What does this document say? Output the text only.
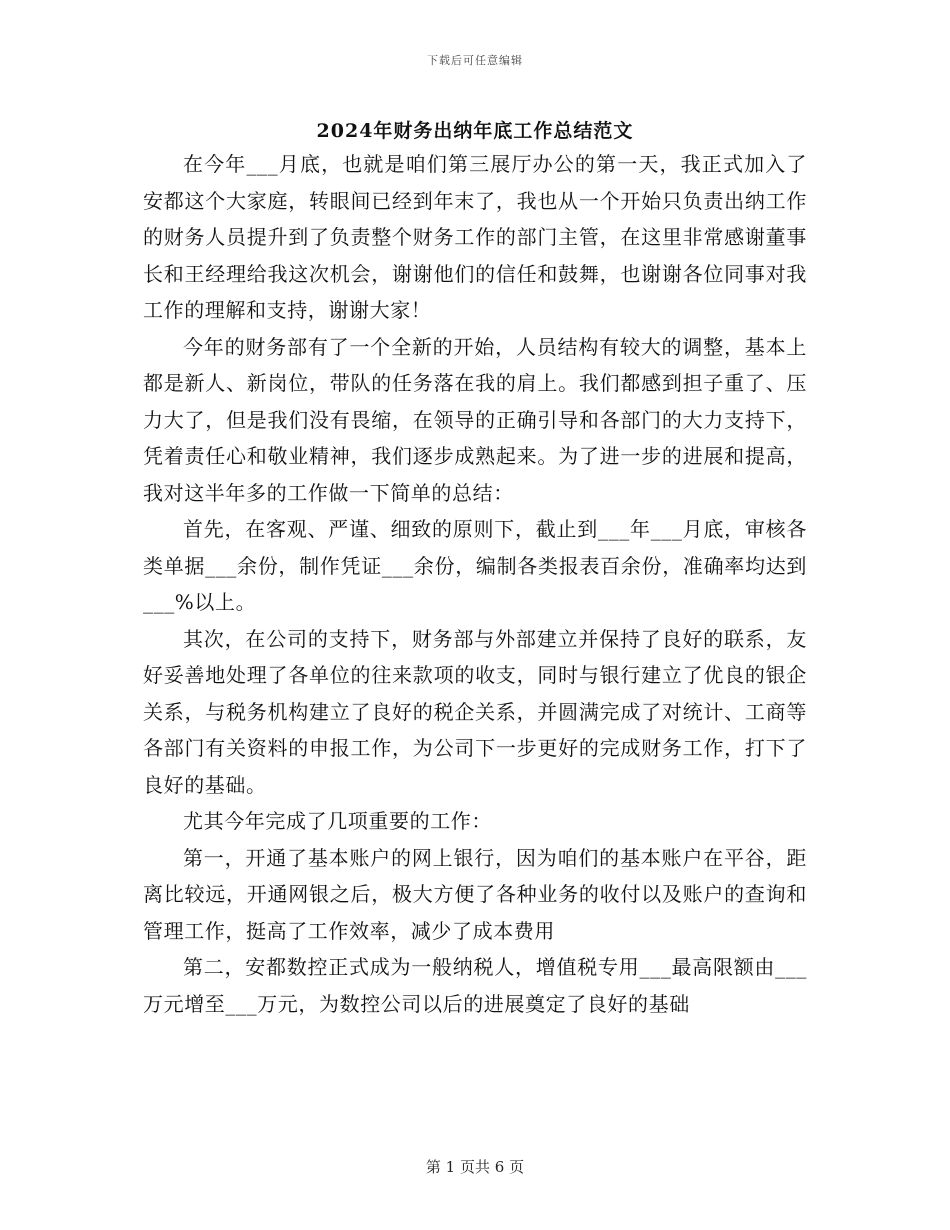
下载后可任意编辑
2024年财务出纳年底工作总结范文

在今年___月底，也就是咱们第三展厅办公的第一天，我正式加入了安都这个大家庭，转眼间已经到年末了，我也从一个开始只负责出纳工作的财务人员提升到了负责整个财务工作的部门主管，在这里非常感谢董事长和王经理给我这次机会，谢谢他们的信任和鼓舞，也谢谢各位同事对我工作的理解和支持，谢谢大家！

今年的财务部有了一个全新的开始，人员结构有较大的调整，基本上都是新人、新岗位，带队的任务落在我的肩上。我们都感到担子重了、压力大了，但是我们没有畏缩，在领导的正确引导和各部门的大力支持下，凭着责任心和敬业精神，我们逐步成熟起来。为了进一步的进展和提高，我对这半年多的工作做一下简单的总结：

首先，在客观、严谨、细致的原则下，截止到___年___月底，审核各类单据___余份，制作凭证___余份，编制各类报表百余份，准确率均达到___%以上。

其次，在公司的支持下，财务部与外部建立并保持了良好的联系，友好妥善地处理了各单位的往来款项的收支，同时与银行建立了优良的银企关系，与税务机构建立了良好的税企关系，并圆满完成了对统计、工商等各部门有关资料的申报工作，为公司下一步更好的完成财务工作，打下了良好的基础。

尤其今年完成了几项重要的工作：

第一，开通了基本账户的网上银行，因为咱们的基本账户在平谷，距离比较远，开通网银之后，极大方便了各种业务的收付以及账户的查询和管理工作，挺高了工作效率，减少了成本费用

第二，安都数控正式成为一般纳税人，增值税专用___最高限额由___万元增至___万元，为数控公司以后的进展奠定了良好的基础

第 1 页共 6 页
